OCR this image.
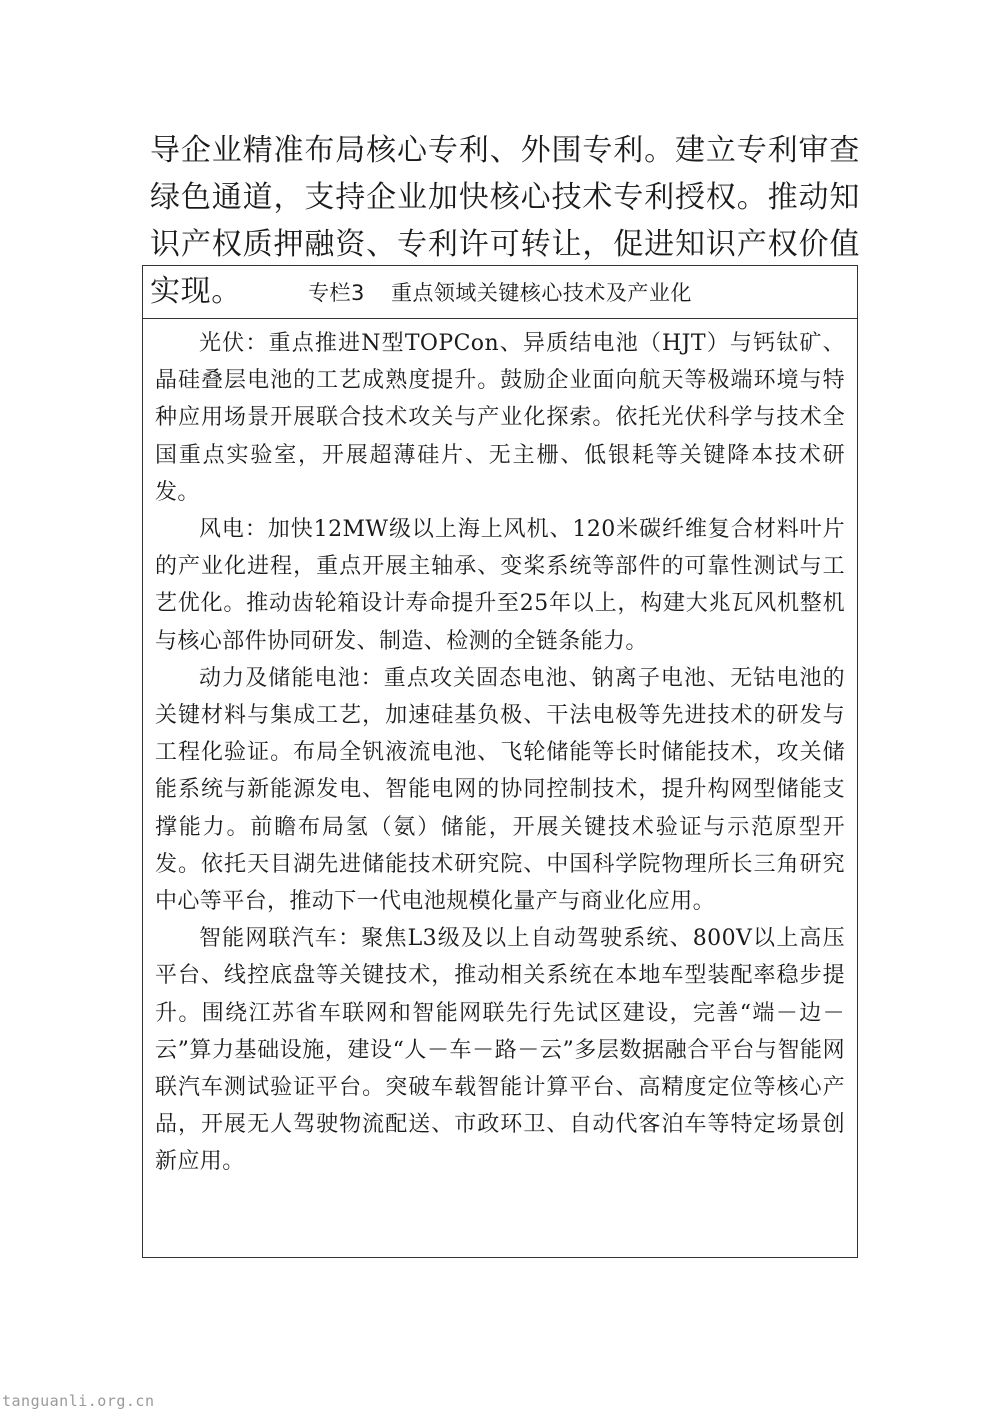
导企业精准布局核心专利、外围专利。建立专利审查绿色通道，支持企业加快核心技术专利授权。推动知识产权质押融资、专利许可转让，促进知识产权价值实现。	专栏3 重点领域关键核心技术及产业化

光伏：重点推进N型TOPCon、异质结电池（HJT）与钙钛矿、晶硅叠层电池的工艺成熟度提升。鼓励企业面向航天等极端环境与特种应用场景开展联合技术攻关与产业化探索。依托光伏科学与技术全国重点实验室，开展超薄硅片、无主栅、低银耗等关键降本技术研发。

风电：加快12MW级以上海上风机、120米碳纤维复合材料叶片的产业化进程，重点开展主轴承、变桨系统等部件的可靠性测试与工艺优化。推动齿轮箱设计寿命提升至25年以上，构建大兆瓦风机整机与核心部件协同研发、制造、检测的全链条能力。

动力及储能电池：重点攻关固态电池、钠离子电池、无钴电池的关键材料与集成工艺，加速硅基负极、干法电极等先进技术的研发与工程化验证。布局全钒液流电池、飞轮储能等长时储能技术，攻关储能系统与新能源发电、智能电网的协同控制技术，提升构网型储能支撑能力。前瞻布局氢（氨）储能，开展关键技术验证与示范原型开发。依托天目湖先进储能技术研究院、中国科学院物理所长三角研究中心等平台，推动下一代电池规模化量产与商业化应用。

智能网联汽车：聚焦L3级及以上自动驾驶系统、800V以上高压平台、线控底盘等关键技术，推动相关系统在本地车型装配率稳步提升。围绕江苏省车联网和智能网联先行先试区建设，完善“端－边－云”算力基础设施，建设“人－车－路－云”多层数据融合平台与智能网联汽车测试验证平台。突破车载智能计算平台、高精度定位等核心产品，开展无人驾驶物流配送、市政环卫、自动代客泊车等特定场景创新应用。

tanguanli.org.cn
